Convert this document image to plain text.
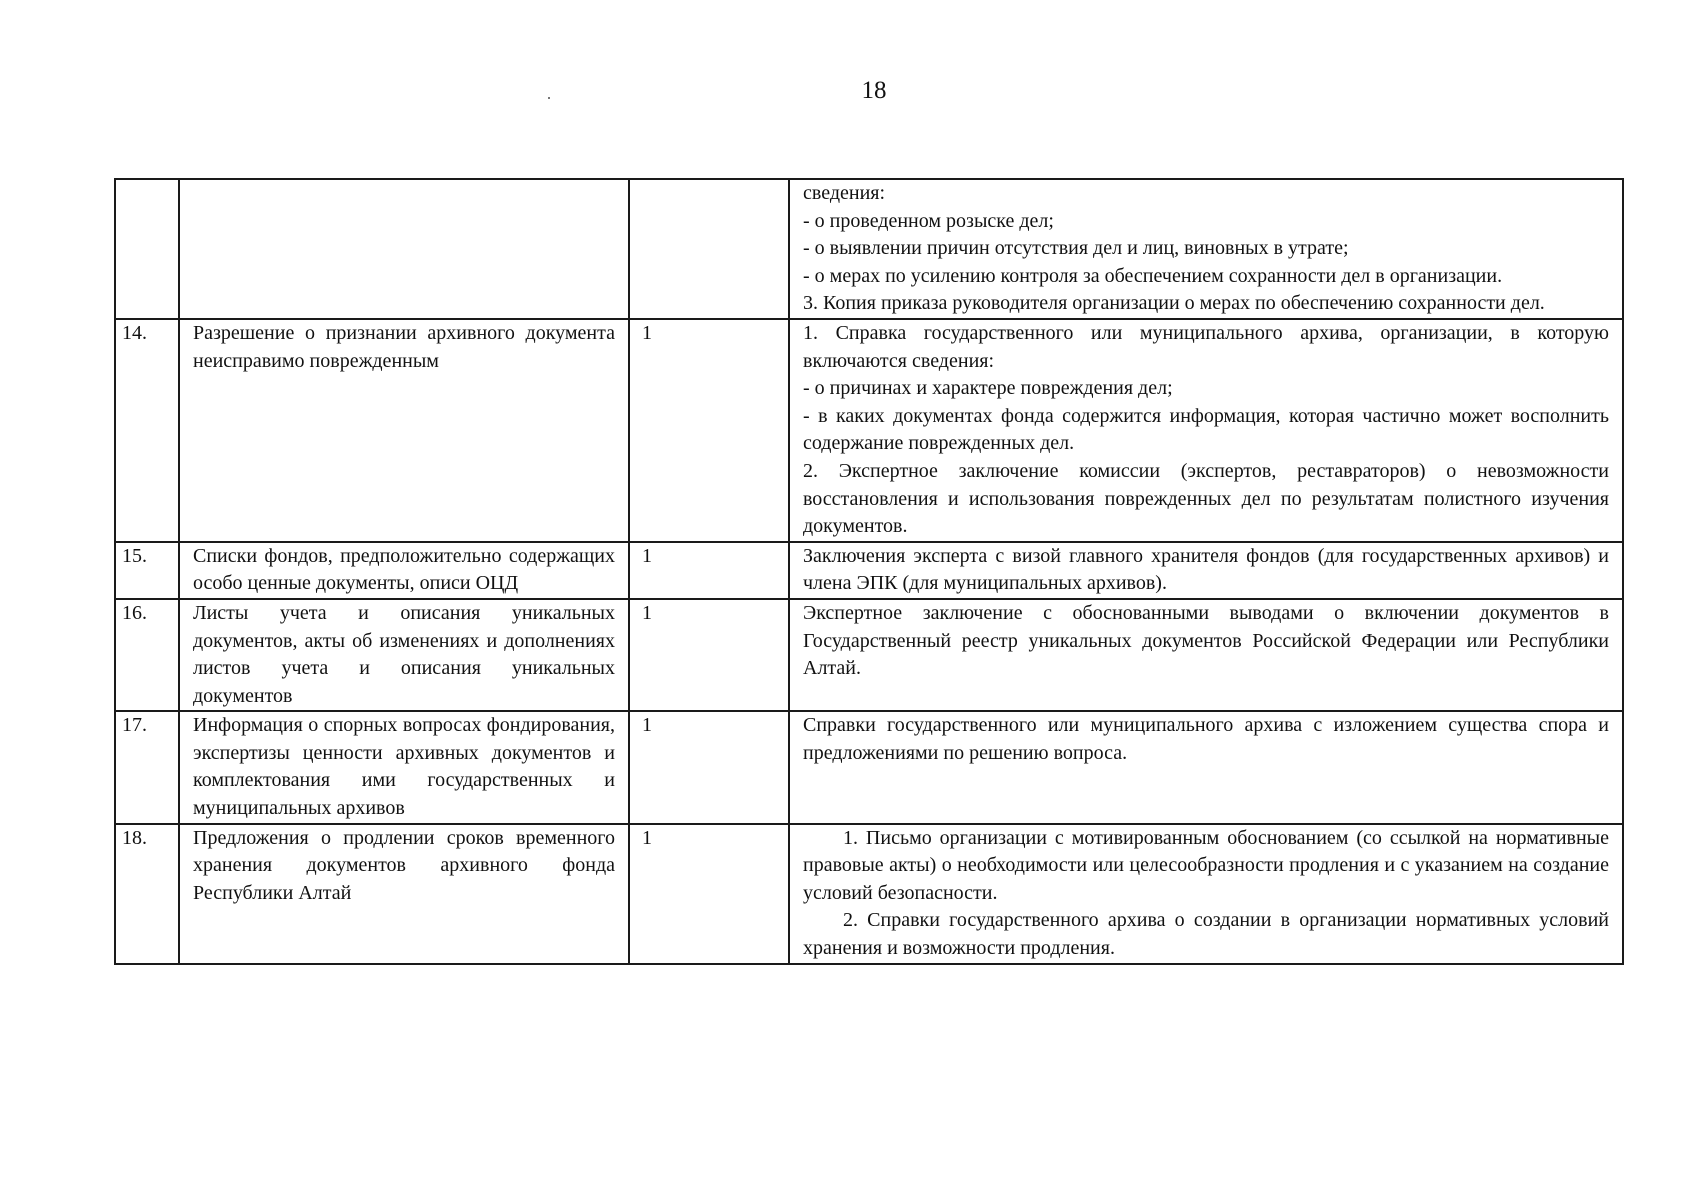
18

			сведения:
- о проведенном розыске дел;
- о выявлении причин отсутствия дел и лиц, виновных в утрате;
- о мерах по усилению контроля за обеспечением сохранности дел в организации.
3. Копия приказа руководителя организации о мерах по обеспечению сохранности дел.

14.	Разрешение о признании архивного документа неисправимо поврежденным	1	1. Справка государственного или муниципального архива, организации, в которую включаются сведения:
- о причинах и характере повреждения дел;
- в каких документах фонда содержится информация, которая частично может восполнить содержание поврежденных дел.
2. Экспертное заключение комиссии (экспертов, реставраторов) о невозможности восстановления и использования поврежденных дел по результатам полистного изучения документов.

15.	Списки фондов, предположительно содержащих особо ценные документы, описи ОЦД	1	Заключения эксперта с визой главного хранителя фондов (для государственных архивов) и члена ЭПК (для муниципальных архивов).

16.	Листы учета и описания уникальных документов, акты об изменениях и дополнениях листов учета и описания уникальных документов	1	Экспертное заключение с обоснованными выводами о включении документов в Государственный реестр уникальных документов Российской Федерации или Республики Алтай.

17.	Информация о спорных вопросах фондирования, экспертизы ценности архивных документов и комплектования ими государственных и муниципальных архивов	1	Справки государственного или муниципального архива с изложением существа спора и предложениями по решению вопроса.

18.	Предложения о продлении сроков временного хранения документов архивного фонда Республики Алтай	1	1. Письмо организации с мотивированным обоснованием (со ссылкой на нормативные правовые акты) о необходимости или целесообразности продления и с указанием на создание условий безопасности.
2. Справки государственного архива о создании в организации нормативных условий хранения и возможности продления.
